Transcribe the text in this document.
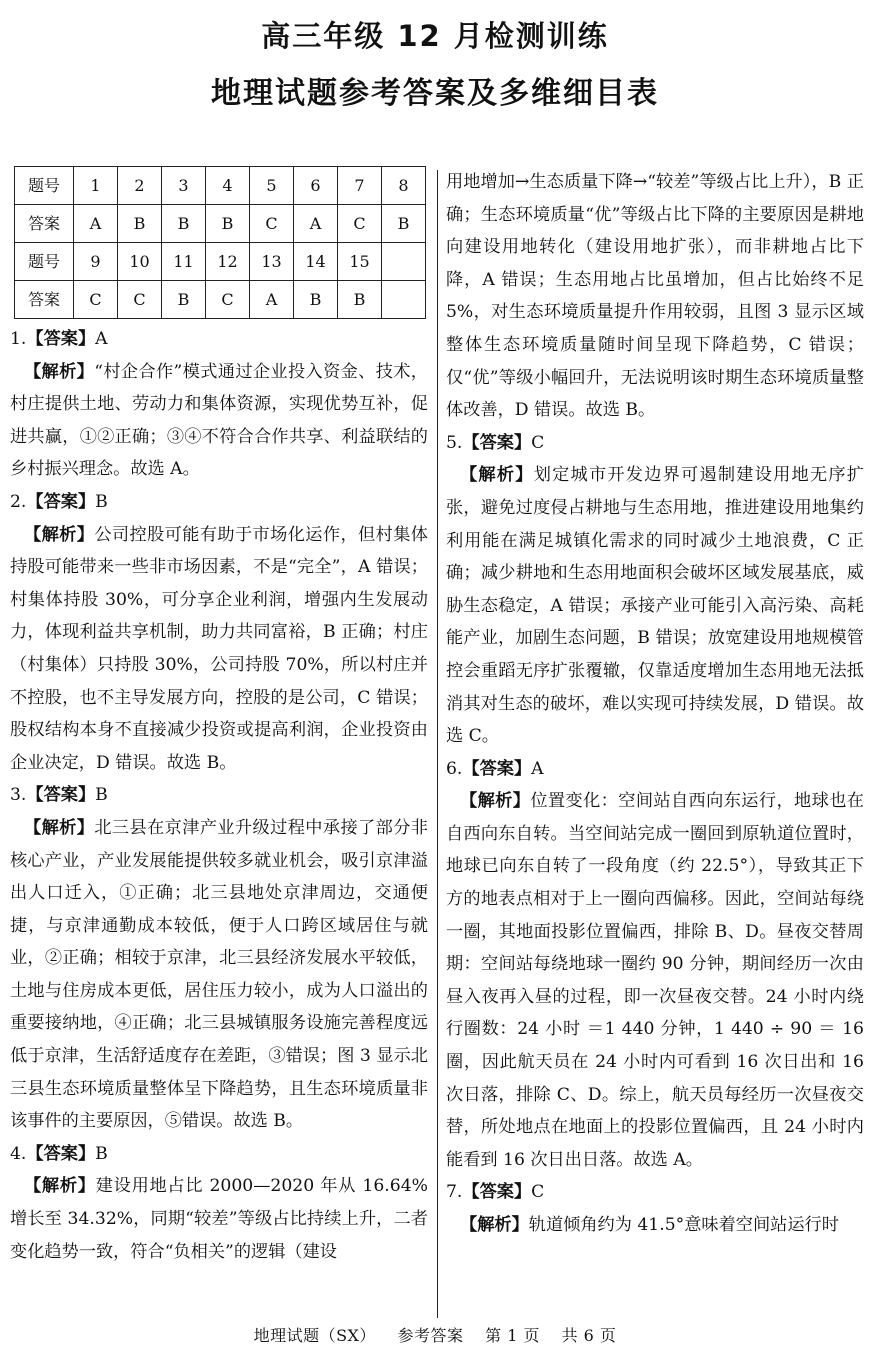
高三年级 12 月检测训练
地理试题参考答案及多维细目表
题号	1	2	3	4	5	6	7	8
答案	A	B	B	B	C	A	C	B
题号	9	10	11	12	13	14	15	
答案	C	C	B	C	A	B	B	
1.【答案】A
【解析】“村企合作”模式通过企业投入资金、技术，村庄提供土地、劳动力和集体资源，实现优势互补，促进共赢，①②正确；③④不符合合作共享、利益联结的乡村振兴理念。故选 A。
2.【答案】B
【解析】公司控股可能有助于市场化运作，但村集体持股可能带来一些非市场因素，不是“完全”，A 错误；村集体持股 30%，可分享企业利润，增强内生发展动力，体现利益共享机制，助力共同富裕，B 正确；村庄（村集体）只持股 30%，公司持股 70%，所以村庄并不控股，也不主导发展方向，控股的是公司，C 错误；股权结构本身不直接减少投资或提高利润，企业投资由企业决定，D 错误。故选 B。
3.【答案】B
【解析】北三县在京津产业升级过程中承接了部分非核心产业，产业发展能提供较多就业机会，吸引京津溢出人口迁入，①正确；北三县地处京津周边，交通便捷，与京津通勤成本较低，便于人口跨区域居住与就业，②正确；相较于京津，北三县经济发展水平较低，土地与住房成本更低，居住压力较小，成为人口溢出的重要接纳地，④正确；北三县城镇服务设施完善程度远低于京津，生活舒适度存在差距，③错误；图 3 显示北三县生态环境质量整体呈下降趋势，且生态环境质量非该事件的主要原因，⑤错误。故选 B。
4.【答案】B
【解析】建设用地占比 2000—2020 年从 16.64% 增长至 34.32%，同期“较差”等级占比持续上升，二者变化趋势一致，符合“负相关”的逻辑（建设
用地增加→生态质量下降→“较差”等级占比上升），B 正确；生态环境质量“优”等级占比下降的主要原因是耕地向建设用地转化（建设用地扩张），而非耕地占比下降，A 错误；生态用地占比虽增加，但占比始终不足 5%，对生态环境质量提升作用较弱，且图 3 显示区域整体生态环境质量随时间呈现下降趋势，C 错误；仅“优”等级小幅回升，无法说明该时期生态环境质量整体改善，D 错误。故选 B。
5.【答案】C
【解析】划定城市开发边界可遏制建设用地无序扩张，避免过度侵占耕地与生态用地，推进建设用地集约利用能在满足城镇化需求的同时减少土地浪费，C 正确；减少耕地和生态用地面积会破坏区域发展基底，威胁生态稳定，A 错误；承接产业可能引入高污染、高耗能产业，加剧生态问题，B 错误；放宽建设用地规模管控会重蹈无序扩张覆辙，仅靠适度增加生态用地无法抵消其对生态的破坏，难以实现可持续发展，D 错误。故选 C。
6.【答案】A
【解析】位置变化：空间站自西向东运行，地球也在自西向东自转。当空间站完成一圈回到原轨道位置时，地球已向东自转了一段角度（约 22.5°），导致其正下方的地表点相对于上一圈向西偏移。因此，空间站每绕一圈，其地面投影位置偏西，排除 B、D。昼夜交替周期：空间站每绕地球一圈约 90 分钟，期间经历一次由昼入夜再入昼的过程，即一次昼夜交替。24 小时内绕行圈数：24 小时 ＝1 440 分钟，1 440 ÷ 90 ＝ 16 圈，因此航天员在 24 小时内可看到 16 次日出和 16 次日落，排除 C、D。综上，航天员每经历一次昼夜交替，所处地点在地面上的投影位置偏西，且 24 小时内能看到 16 次日出日落。故选 A。
7.【答案】C
【解析】轨道倾角约为 41.5°意味着空间站运行时
地理试题（SX） 参考答案 第 1 页 共 6 页
